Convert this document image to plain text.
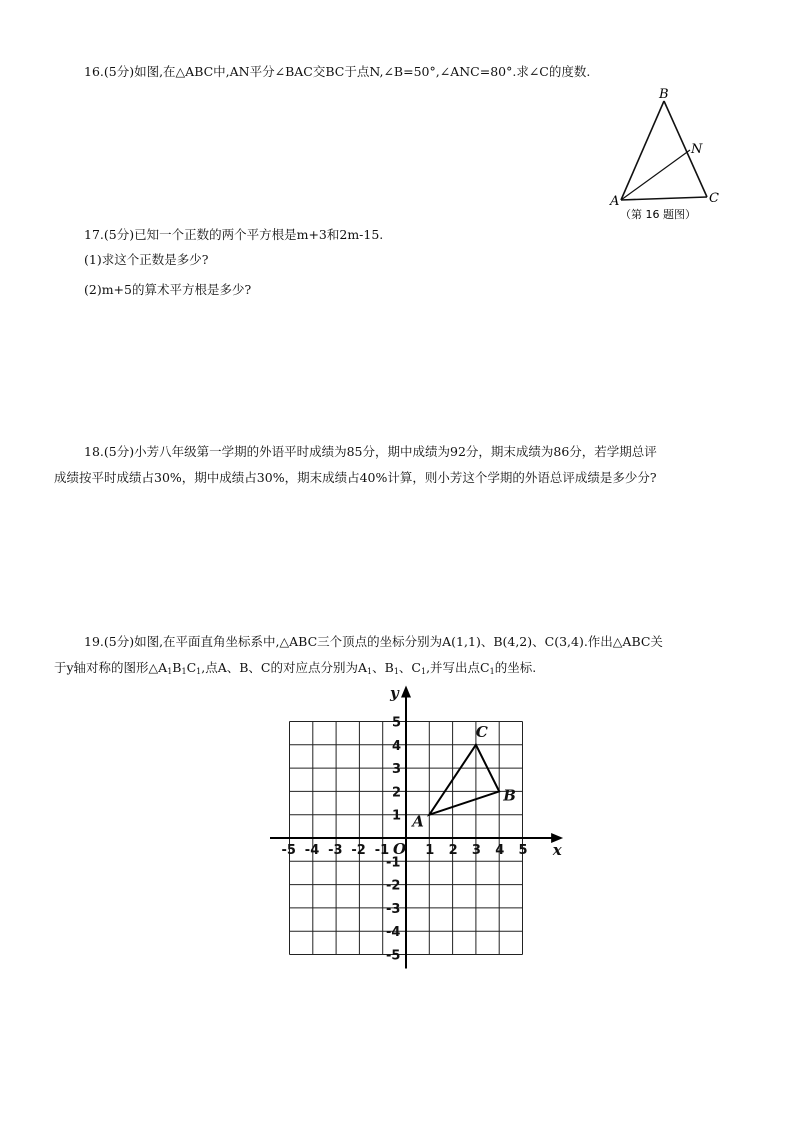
16.(5分)如图,在△ABC中,AN平分∠BAC交BC于点N,∠B=50°,∠ANC=80°.求∠C的度数.
B
N
A	C
（第 16 题图）
17.(5分)已知一个正数的两个平方根是m+3和2m-15.
(1)求这个正数是多少?
(2)m+5的算术平方根是多少?
18.(5分)小芳八年级第一学期的外语平时成绩为85分，期中成绩为92分，期末成绩为86分，若学期总评
成绩按平时成绩占30%，期中成绩占30%，期末成绩占40%计算，则小芳这个学期的外语总评成绩是多少分?
19.(5分)如图,在平面直角坐标系中,△ABC三个顶点的坐标分别为A(1,1)、B(4,2)、C(3,4).作出△ABC关
于y轴对称的图形$\triangle A_1B_1C_1$,点A、B、C的对应点分别为$A_1$、$B_1$、$C_1$,并写出点$C_1$的坐标.
x
y
O
-5 -4 -3 -2 -1	1 2 3 4 5
1
2
3
4
5
-1
-2
-3
-4
-5
A
B
C
